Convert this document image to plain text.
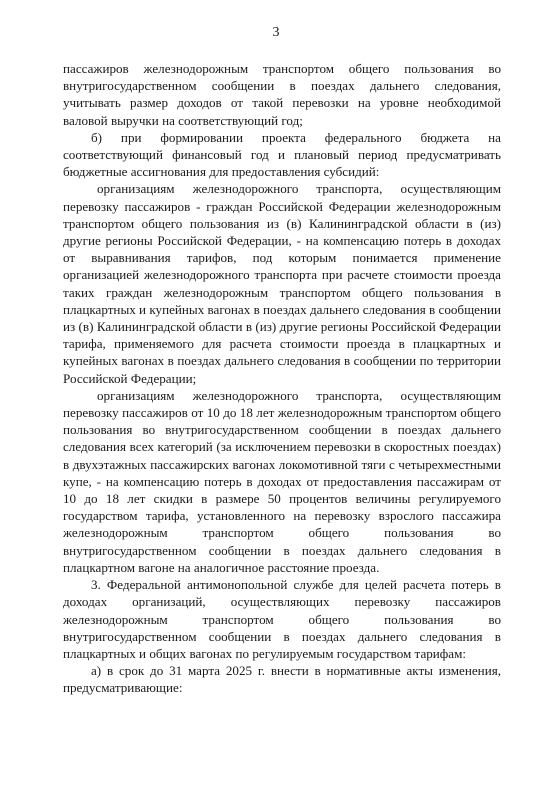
3

пассажиров железнодорожным транспортом общего пользования во внутригосударственном сообщении в поездах дальнего следования, учитывать размер доходов от такой перевозки на уровне необходимой валовой выручки на соответствующий год;

б) при формировании проекта федерального бюджета на соответствующий финансовый год и плановый период предусматривать бюджетные ассигнования для предоставления субсидий:

организациям железнодорожного транспорта, осуществляющим перевозку пассажиров - граждан Российской Федерации железнодорожным транспортом общего пользования из (в) Калининградской области в (из) другие регионы Российской Федерации, - на компенсацию потерь в доходах от выравнивания тарифов, под которым понимается применение организацией железнодорожного транспорта при расчете стоимости проезда таких граждан железнодорожным транспортом общего пользования в плацкартных и купейных вагонах в поездах дальнего следования в сообщении из (в) Калининградской области в (из) другие регионы Российской Федерации тарифа, применяемого для расчета стоимости проезда в плацкартных и купейных вагонах в поездах дальнего следования в сообщении по территории Российской Федерации;

организациям железнодорожного транспорта, осуществляющим перевозку пассажиров от 10 до 18 лет железнодорожным транспортом общего пользования во внутригосударственном сообщении в поездах дальнего следования всех категорий (за исключением перевозки в скоростных поездах) в двухэтажных пассажирских вагонах локомотивной тяги с четырехместными купе, - на компенсацию потерь в доходах от предоставления пассажирам от 10 до 18 лет скидки в размере 50 процентов величины регулируемого государством тарифа, установленного на перевозку взрослого пассажира железнодорожным транспортом общего пользования во внутригосударственном сообщении в поездах дальнего следования в плацкартном вагоне на аналогичное расстояние проезда.

3. Федеральной антимонопольной службе для целей расчета потерь в доходах организаций, осуществляющих перевозку пассажиров железнодорожным транспортом общего пользования во внутригосударственном сообщении в поездах дальнего следования в плацкартных и общих вагонах по регулируемым государством тарифам:

а) в срок до 31 марта 2025 г. внести в нормативные акты изменения, предусматривающие:
